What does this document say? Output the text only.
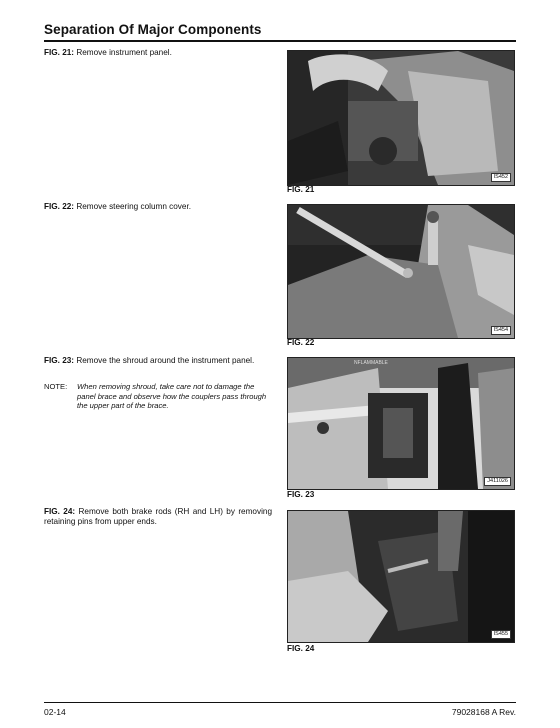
Separation Of Major Components
FIG. 21: Remove instrument panel.
IS452
FIG. 21
FIG. 22: Remove steering column cover.
IS454
FIG. 22
FIG. 23: Remove the shroud around the instrument panel.
NOTE: When removing shroud, take care not to damage the panel brace and observe how the couplers pass through the upper part of the brace.
NFLAMMABLE
J411026
FIG. 23
FIG. 24: Remove both brake rods (RH and LH) by removing retaining pins from upper ends.
IS455
FIG. 24
02-14	79028168 A Rev.
